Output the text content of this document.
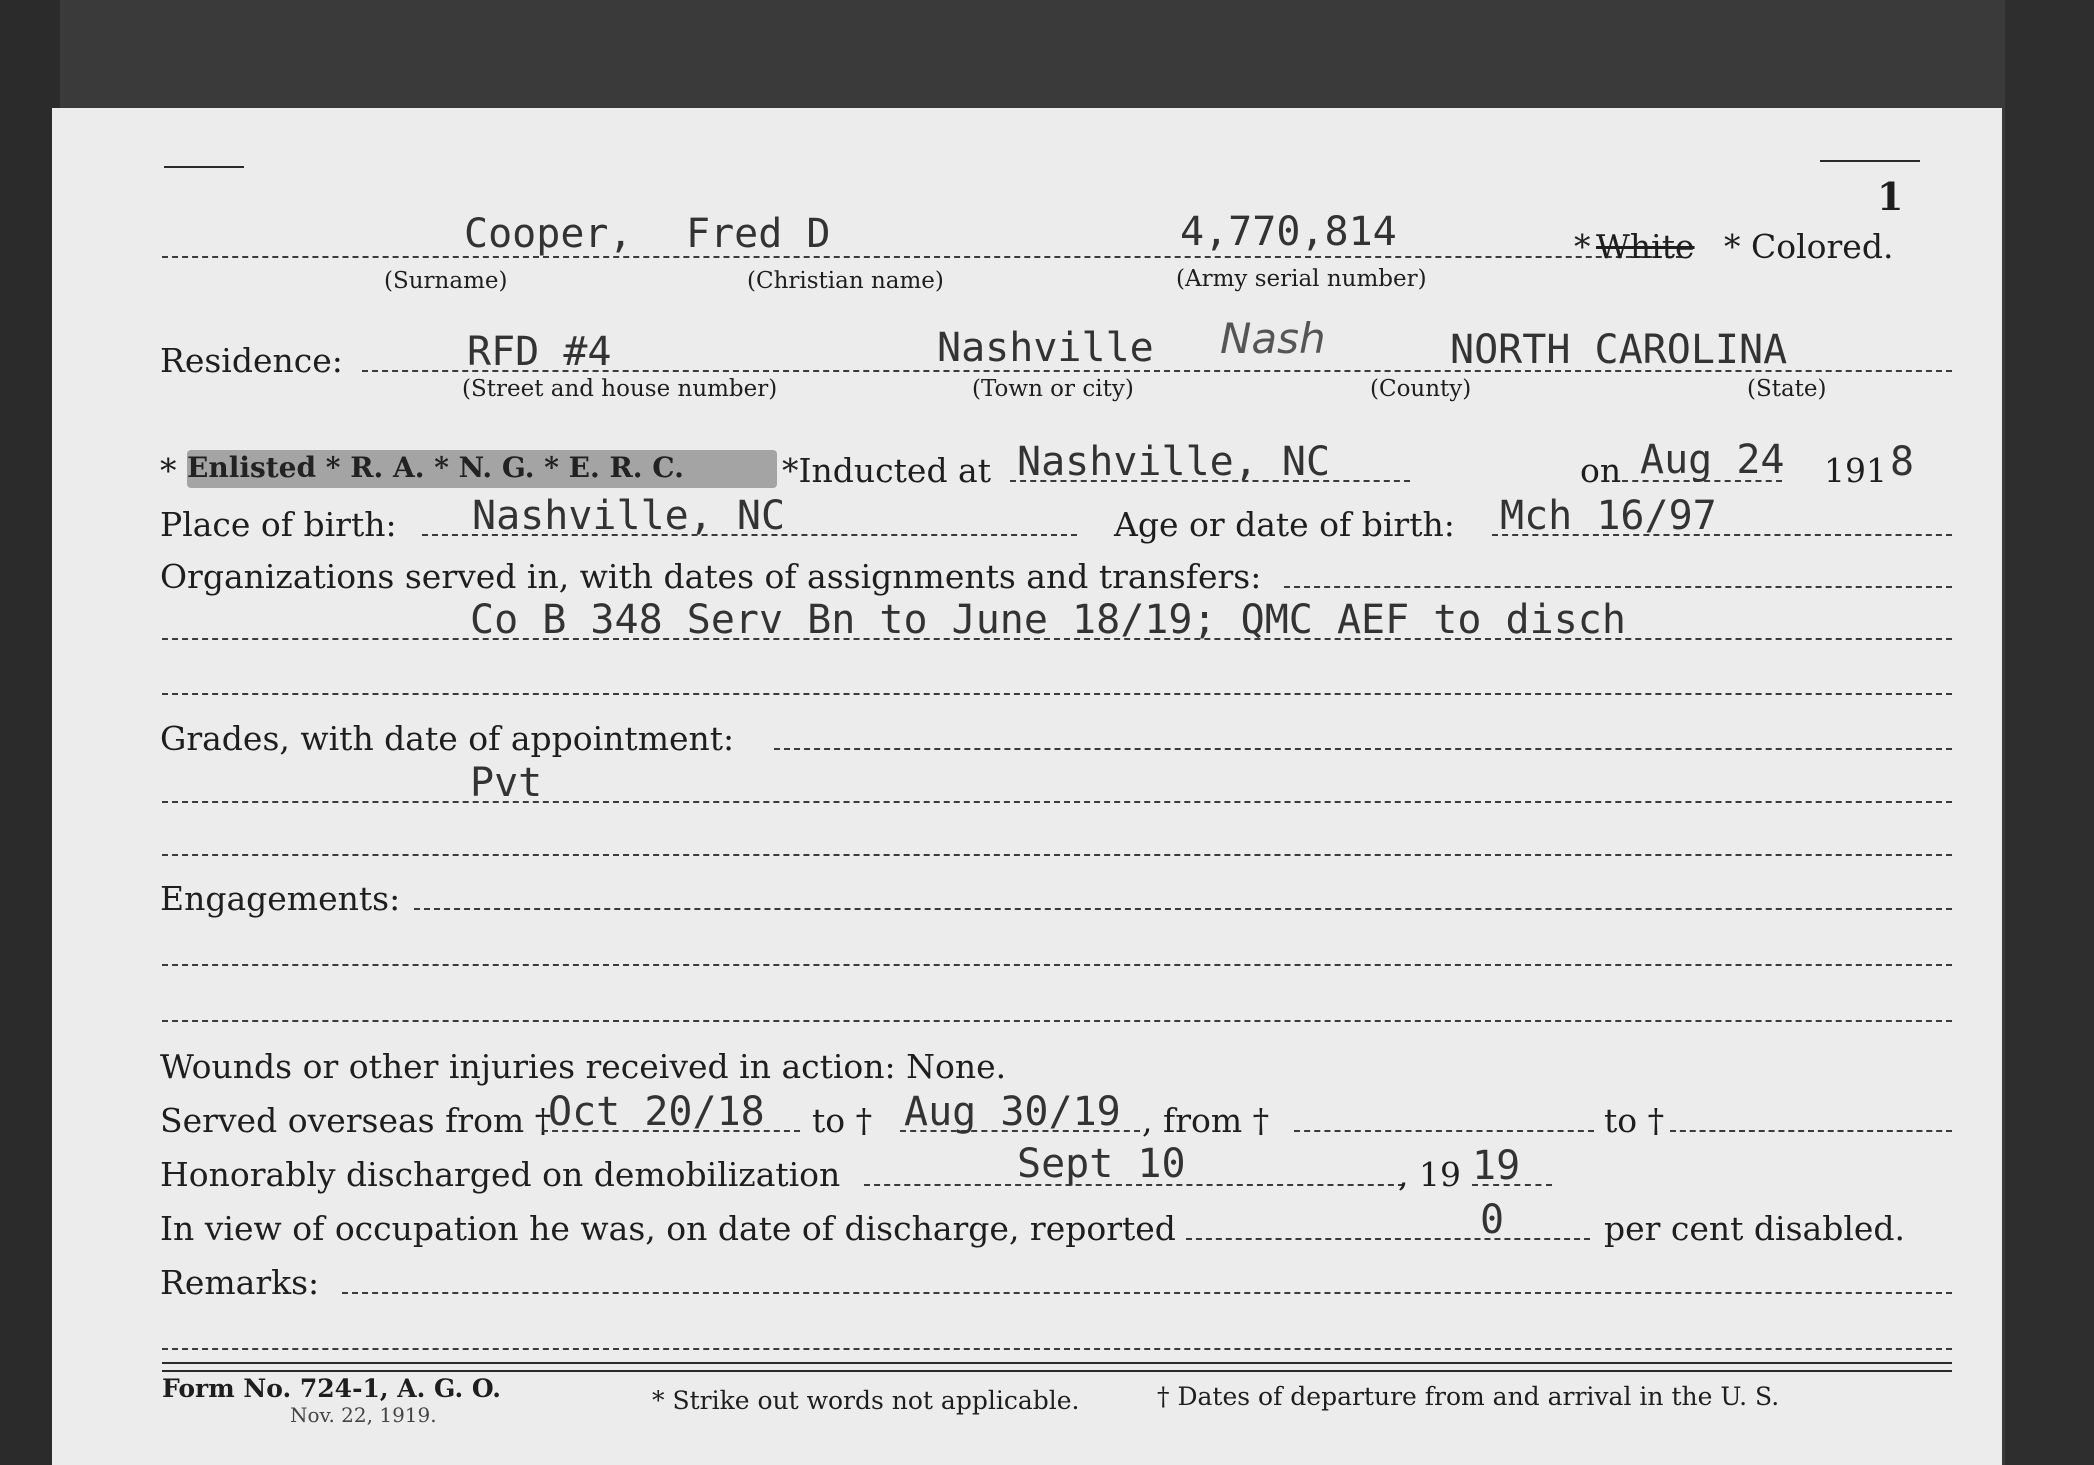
1
Cooper, Fred D	4,770,814
(Surname)	(Christian name)	(Army serial number)
* White * Colored.
Residence:	RFD #4	Nashville Nash	NORTH CAROLINA
(Street and house number)	(Town or city)	(County)	(State)
* Enlisted * R. A. * N. G. * E. R. C.	*Inducted at Nashville, NC	on Aug 24 191 8
Place of birth: Nashville, NC	Age or date of birth: Mch 16/97
Organizations served in, with dates of assignments and transfers:
Co B 348 Serv Bn to June 18/19; QMC AEF to disch
Grades, with date of appointment:
Pvt
Engagements:
Wounds or other injuries received in action: None.
Served overseas from †
Oct 20/18 to † Aug 30/19 , from †	to †
Honorably discharged on demobilization	Sept 10	, 19 19
In view of occupation he was, on date of discharge, reported	0	per cent disabled.
Remarks:
Form No. 724-1, A. G. O.
Nov. 22, 1919.	* Strike out words not applicable.	† Dates of departure from and arrival in the U. S.
